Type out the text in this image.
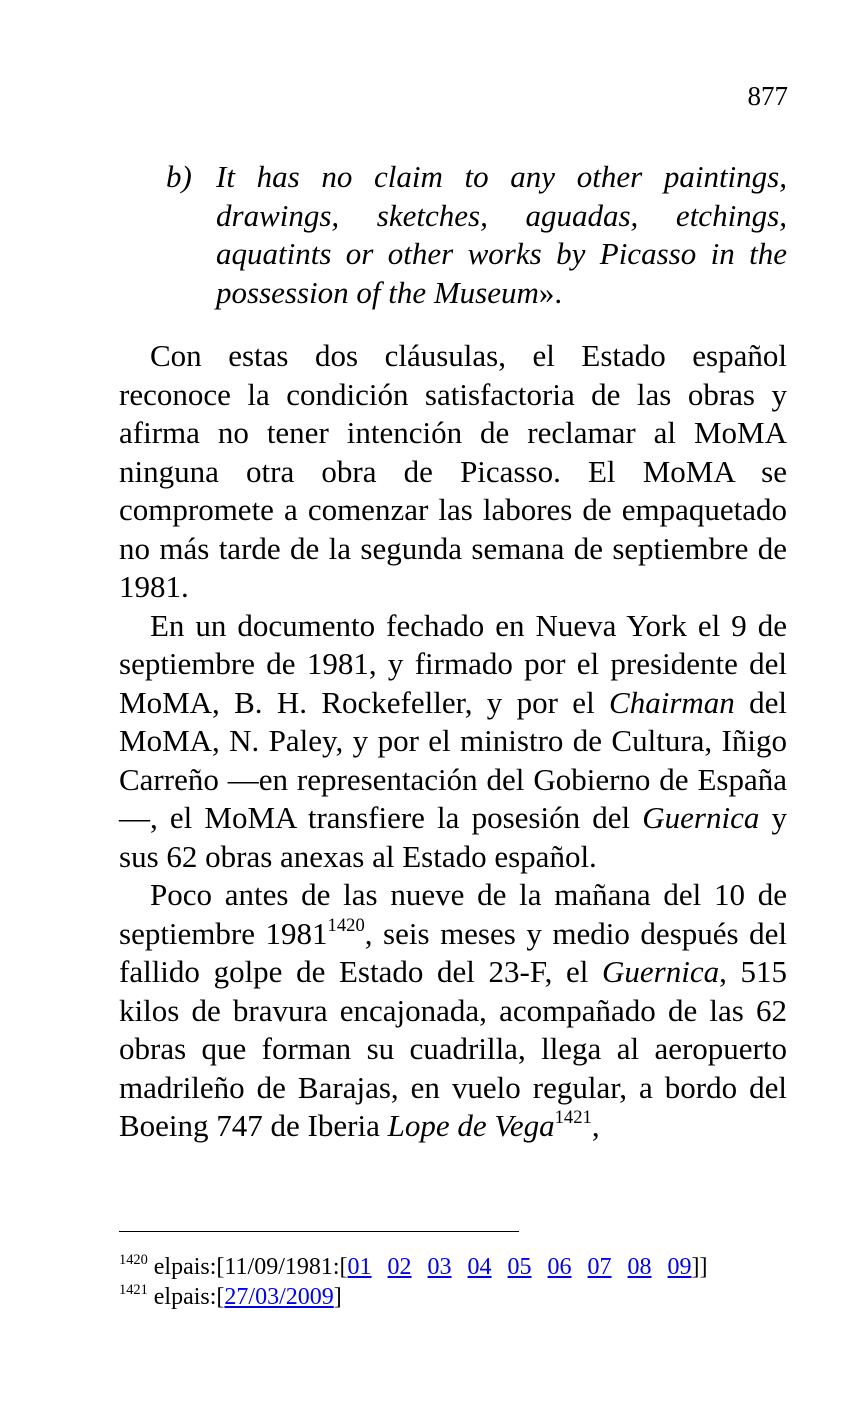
877
b) It has no claim to any other paintings, drawings, sketches, aguadas, etchings, aquatints or other works by Picasso in the possession of the Museum».

Con estas dos cláusulas, el Estado español reconoce la condición satisfactoria de las obras y afirma no tener intención de reclamar al MoMA ninguna otra obra de Picasso. El MoMA se compromete a comenzar las labores de empaquetado no más tarde de la segunda semana de septiembre de 1981.

En un documento fechado en Nueva York el 9 de septiembre de 1981, y firmado por el presidente del MoMA, B. H. Rockefeller, y por el Chairman del MoMA, N. Paley, y por el ministro de Cultura, Iñigo Carreño —en representación del Gobierno de España—, el MoMA transfiere la posesión del Guernica y sus 62 obras anexas al Estado español.

Poco antes de las nueve de la mañana del 10 de septiembre $1981^{1420}$, seis meses y medio después del fallido golpe de Estado del 23-F, el Guernica, 515 kilos de bravura encajonada, acompañado de las 62 obras que forman su cuadrilla, llega al aeropuerto madrileño de Barajas, en vuelo regular, a bordo del Boeing 747 de Iberia Lope de Vega$^{1421}$,

$^{1420}$ elpais:[11/09/1981:[01 02 03 04 05 06 07 08 09]]
$^{1421}$ elpais:[27/03/2009]
